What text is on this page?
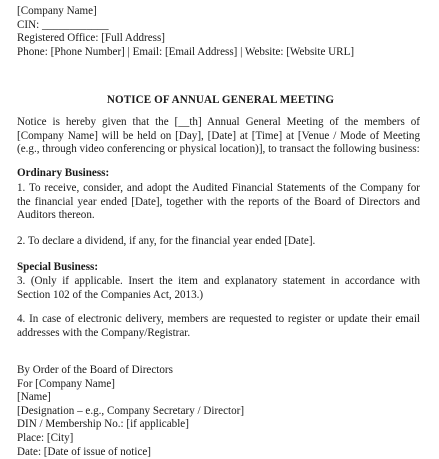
[Company Name]
CIN: ____________
Registered Office: [Full Address]
Phone: [Phone Number] | Email: [Email Address] | Website: [Website URL]
NOTICE OF ANNUAL GENERAL MEETING
Notice is hereby given that the [__th] Annual General Meeting of the members of [Company Name] will be held on [Day], [Date] at [Time] at [Venue / Mode of Meeting (e.g., through video conferencing or physical location)], to transact the following business:
Ordinary Business:
1. To receive, consider, and adopt the Audited Financial Statements of the Company for the financial year ended [Date], together with the reports of the Board of Directors and Auditors thereon.
2. To declare a dividend, if any, for the financial year ended [Date].
Special Business:
3. (Only if applicable. Insert the item and explanatory statement in accordance with Section 102 of the Companies Act, 2013.)
4. In case of electronic delivery, members are requested to register or update their email addresses with the Company/Registrar.
By Order of the Board of Directors
For [Company Name]
[Name]
[Designation – e.g., Company Secretary / Director]
DIN / Membership No.: [if applicable]
Place: [City]
Date: [Date of issue of notice]
